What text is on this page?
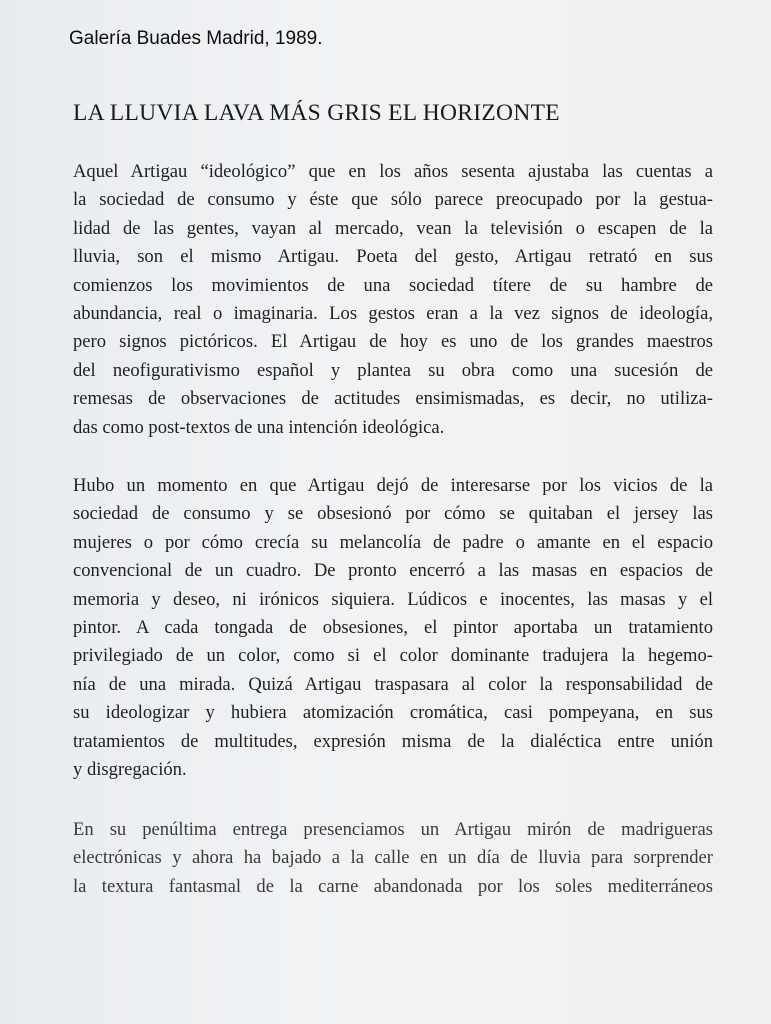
Galería Buades Madrid, 1989.
LA LLUVIA LAVA MÁS GRIS EL HORIZONTE
Aquel Artigau “ideológico” que en los años sesenta ajustaba las cuentas a
la sociedad de consumo y éste que sólo parece preocupado por la gestua-
lidad de las gentes, vayan al mercado, vean la televisión o escapen de la
lluvia, son el mismo Artigau. Poeta del gesto, Artigau retrató en sus
comienzos los movimientos de una sociedad títere de su hambre de
abundancia, real o imaginaria. Los gestos eran a la vez signos de ideología,
pero signos pictóricos. El Artigau de hoy es uno de los grandes maestros
del neofigurativismo español y plantea su obra como una sucesión de
remesas de observaciones de actitudes ensimismadas, es decir, no utiliza-
das como post-textos de una intención ideológica.
Hubo un momento en que Artigau dejó de interesarse por los vicios de la
sociedad de consumo y se obsesionó por cómo se quitaban el jersey las
mujeres o por cómo crecía su melancolía de padre o amante en el espacio
convencional de un cuadro. De pronto encerró a las masas en espacios de
memoria y deseo, ni irónicos siquiera. Lúdicos e inocentes, las masas y el
pintor. A cada tongada de obsesiones, el pintor aportaba un tratamiento
privilegiado de un color, como si el color dominante tradujera la hegemo-
nía de una mirada. Quizá Artigau traspasara al color la responsabilidad de
su ideologizar y hubiera atomización cromática, casi pompeyana, en sus
tratamientos de multitudes, expresión misma de la dialéctica entre unión
y disgregación.
En su penúltima entrega presenciamos un Artigau mirón de madrigueras
electrónicas y ahora ha bajado a la calle en un día de lluvia para sorprender
la textura fantasmal de la carne abandonada por los soles mediterráneos
